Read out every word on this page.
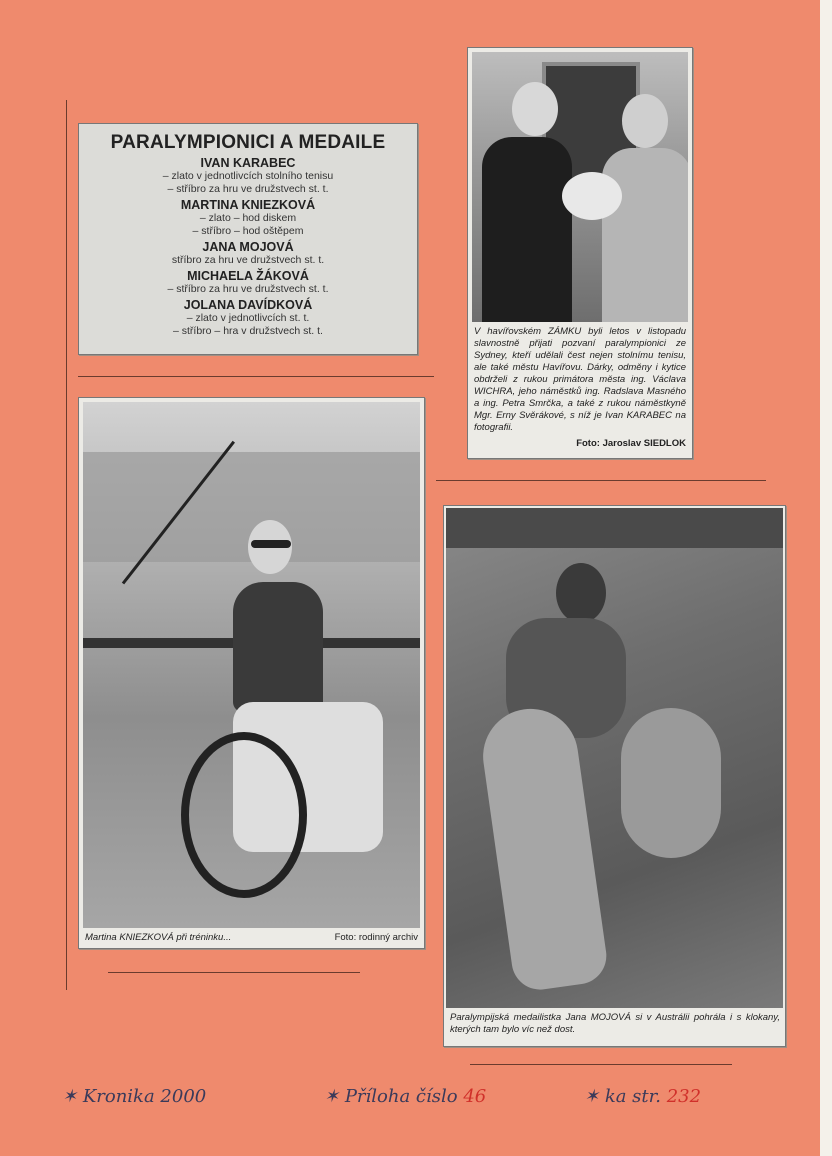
PARALYMPIONICI A MEDAILE
IVAN KARABEC
– zlato v jednotlivcích stolního tenisu
– stříbro za hru ve družstvech st. t.
MARTINA KNIEZKOVÁ
– zlato – hod diskem
– stříbro – hod oštěpem
JANA MOJOVÁ
stříbro za hru ve družstvech st. t.
MICHAELA ŽÁKOVÁ
– stříbro za hru ve družstvech st. t.
JOLANA DAVÍDKOVÁ
– zlato v jednotlivcích st. t.
– stříbro – hra v družstvech st. t.	V havířovském ZÁMKU byli letos v listopadu slavnostně přijati pozvaní paralympionici ze Sydney, kteří udělali čest nejen stolnímu tenisu, ale také městu Havířovu. Dárky, odměny i kytice obdrželi z rukou primátora města ing. Václava WICHRA, jeho náměstků ing. Radslava Masného a ing. Petra Smrčka, a také z rukou náměstkyně Mgr. Erny Svěrákové, s níž je Ivan KARABEC na fotografii.
Foto: Jaroslav SIEDLOK
Martina KNIEZKOVÁ při tréninku...	Foto: rodinný archiv
Paralympijská medailistka Jana MOJOVÁ si v Austrálii pohrála i s klokany, kterých tam bylo víc než dost.
✶ Kronika 2000	✶ Příloha číslo 46	✶ ka str. 232
